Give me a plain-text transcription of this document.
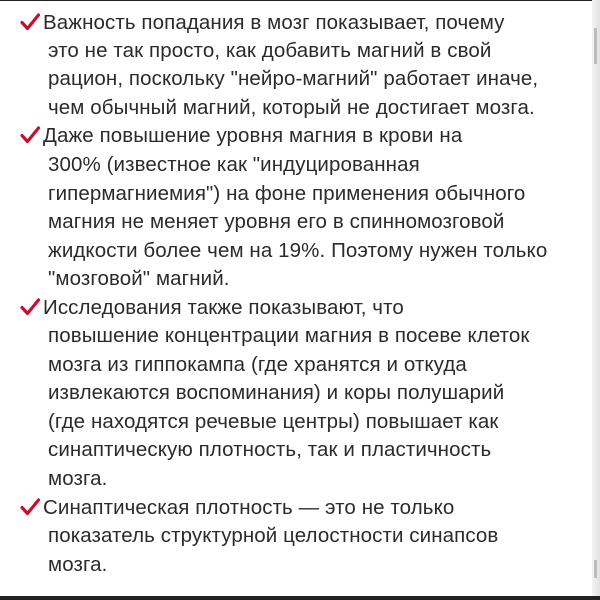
Важность попадания в мозг показывает, почему
это не так просто, как добавить магний в свой
рацион, поскольку "нейро-магний" работает иначе,
чем обычный магний, который не достигает мозга.
Даже повышение уровня магния в крови на
300% (известное как "индуцированная
гипермагниемия") на фоне применения обычного
магния не меняет уровня его в спинномозговой
жидкости более чем на 19%. Поэтому нужен только
"мозговой" магний.
Исследования также показывают, что
повышение концентрации магния в посеве клеток
мозга из гиппокампа (где хранятся и откуда
извлекаются воспоминания) и коры полушарий
(где находятся речевые центры) повышает как
синаптическую плотность, так и пластичность
мозга.
Синаптическая плотность — это не только
показатель структурной целостности синапсов
мозга.
